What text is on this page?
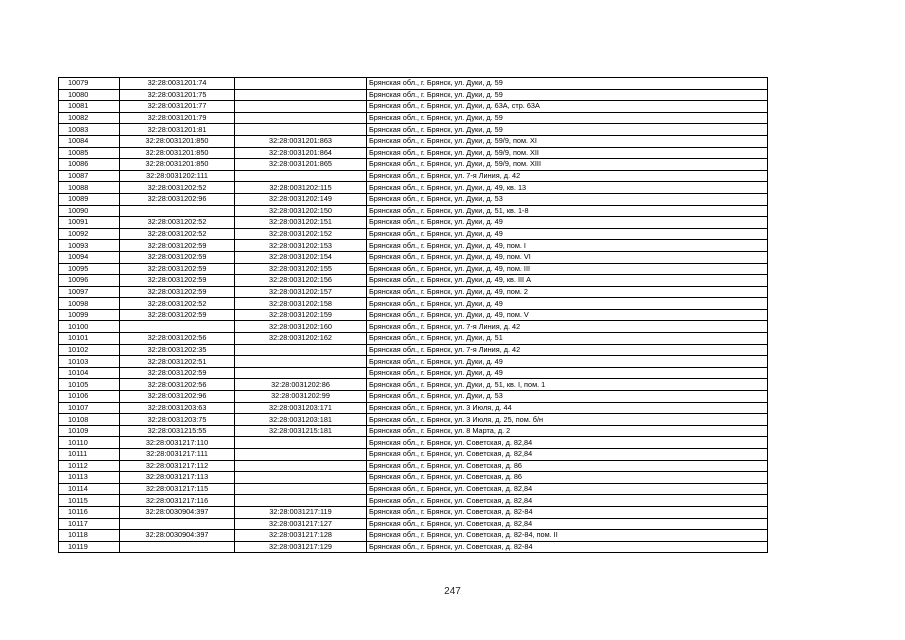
10079	32:28:0031201:74		Брянская обл., г. Брянск, ул. Дуки, д. 59
10080	32:28:0031201:75		Брянская обл., г. Брянск, ул. Дуки, д. 59
10081	32:28:0031201:77		Брянская обл., г. Брянск, ул. Дуки, д. 63А, стр. 63А
10082	32:28:0031201:79		Брянская обл., г. Брянск, ул. Дуки, д. 59
10083	32:28:0031201:81		Брянская обл., г. Брянск, ул. Дуки, д. 59
10084	32:28:0031201:850	32:28:0031201:863	Брянская обл., г. Брянск, ул. Дуки, д. 59/9, пом. XI
10085	32:28:0031201:850	32:28:0031201:864	Брянская обл., г. Брянск, ул. Дуки, д. 59/9, пом. XII
10086	32:28:0031201:850	32:28:0031201:865	Брянская обл., г. Брянск, ул. Дуки, д. 59/9, пом. XIII
10087	32:28:0031202:111		Брянская обл., г. Брянск, ул. 7-я Линия, д. 42
10088	32:28:0031202:52	32:28:0031202:115	Брянская обл., г. Брянск, ул. Дуки, д. 49, кв. 13
10089	32:28:0031202:96	32:28:0031202:149	Брянская обл., г. Брянск, ул. Дуки, д. 53
10090		32:28:0031202:150	Брянская обл., г. Брянск, ул. Дуки, д. 51, кв. 1-8
10091	32:28:0031202:52	32:28:0031202:151	Брянская обл., г. Брянск, ул. Дуки, д. 49
10092	32:28:0031202:52	32:28:0031202:152	Брянская обл., г. Брянск, ул. Дуки, д. 49
10093	32:28:0031202:59	32:28:0031202:153	Брянская обл., г. Брянск, ул. Дуки, д. 49, пом. I
10094	32:28:0031202:59	32:28:0031202:154	Брянская обл., г. Брянск, ул. Дуки, д. 49, пом. VI
10095	32:28:0031202:59	32:28:0031202:155	Брянская обл., г. Брянск, ул. Дуки, д. 49, пом. III
10096	32:28:0031202:59	32:28:0031202:156	Брянская обл., г. Брянск, ул. Дуки, д. 49, кв. III А
10097	32:28:0031202:59	32:28:0031202:157	Брянская обл., г. Брянск, ул. Дуки, д. 49, пом. 2
10098	32:28:0031202:52	32:28:0031202:158	Брянская обл., г. Брянск, ул. Дуки, д. 49
10099	32:28:0031202:59	32:28:0031202:159	Брянская обл., г. Брянск, ул. Дуки, д. 49, пом. V
10100		32:28:0031202:160	Брянская обл., г. Брянск, ул. 7-я Линия, д. 42
10101	32:28:0031202:56	32:28:0031202:162	Брянская обл., г. Брянск, ул. Дуки, д. 51
10102	32:28:0031202:35		Брянская обл., г. Брянск, ул. 7-я Линия, д. 42
10103	32:28:0031202:51		Брянская обл., г. Брянск, ул. Дуки, д. 49
10104	32:28:0031202:59		Брянская обл., г. Брянск, ул. Дуки, д. 49
10105	32:28:0031202:56	32:28:0031202:86	Брянская обл., г. Брянск, ул. Дуки, д. 51, кв. I, пом. 1
10106	32:28:0031202:96	32:28:0031202:99	Брянская обл., г. Брянск, ул. Дуки, д. 53
10107	32:28:0031203:63	32:28:0031203:171	Брянская обл., г. Брянск, ул. 3 Июля, д. 44
10108	32:28:0031203:75	32:28:0031203:181	Брянская обл., г. Брянск, ул. 3 Июля, д. 25, пом. б/н
10109	32:28:0031215:55	32:28:0031215:181	Брянская обл., г. Брянск, ул. 8 Марта, д. 2
10110	32:28:0031217:110		Брянская обл., г. Брянск, ул. Советская, д. 82,84
10111	32:28:0031217:111		Брянская обл., г. Брянск, ул. Советская, д. 82,84
10112	32:28:0031217:112		Брянская обл., г. Брянск, ул. Советская, д. 86
10113	32:28:0031217:113		Брянская обл., г. Брянск, ул. Советская, д. 86
10114	32:28:0031217:115		Брянская обл., г. Брянск, ул. Советская, д. 82,84
10115	32:28:0031217:116		Брянская обл., г. Брянск, ул. Советская, д. 82,84
10116	32:28:0030904:397	32:28:0031217:119	Брянская обл., г. Брянск, ул. Советская, д. 82-84
10117		32:28:0031217:127	Брянская обл., г. Брянск, ул. Советская, д. 82,84
10118	32:28:0030904:397	32:28:0031217:128	Брянская обл., г. Брянск, ул. Советская, д. 82-84, пом. II
10119		32:28:0031217:129	Брянская обл., г. Брянск, ул. Советская, д. 82-84
247
